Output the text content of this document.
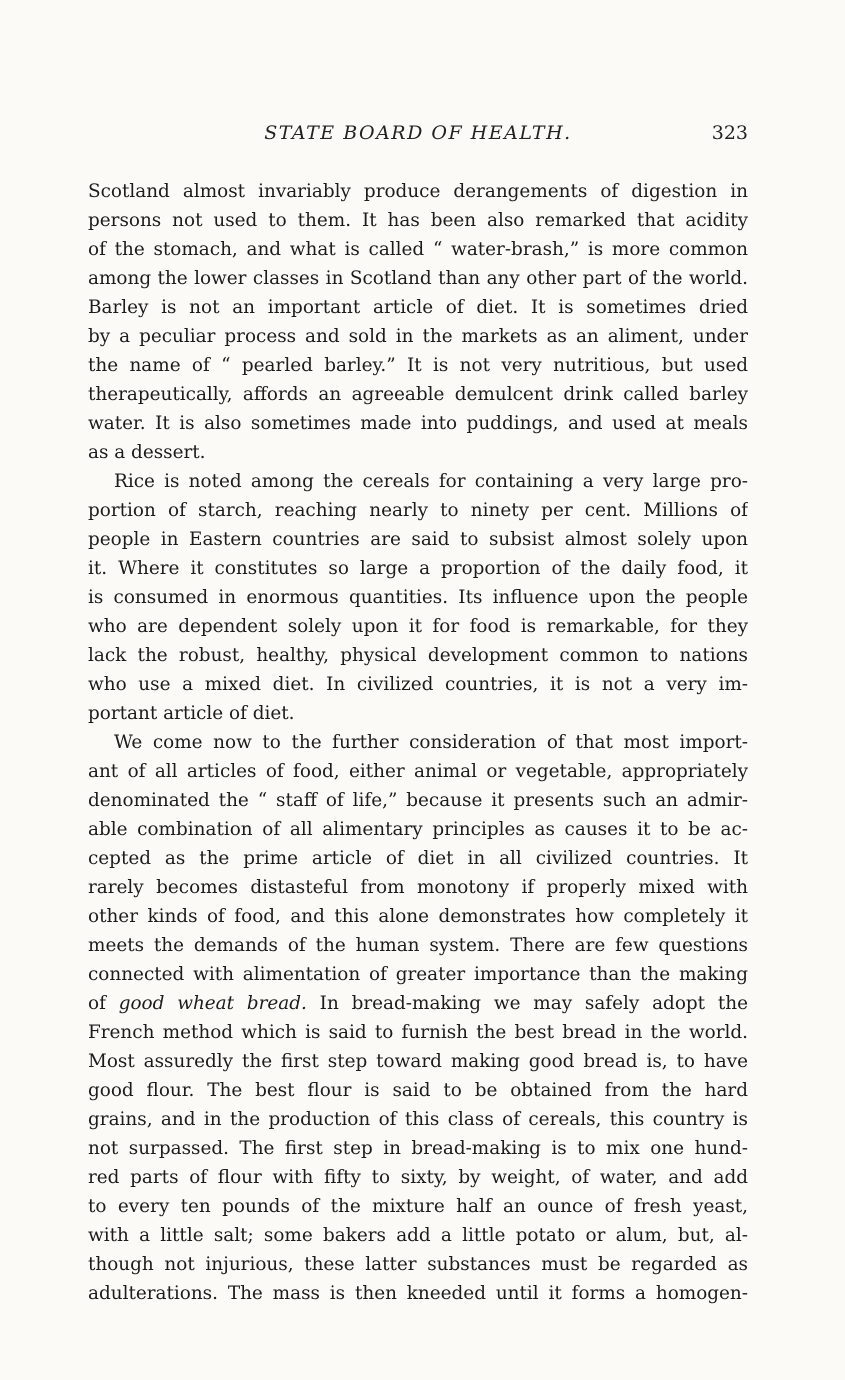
STATE BOARD OF HEALTH.	323
Scotland almost invariably produce derangements of digestion in
persons not used to them. It has been also remarked that acidity
of the stomach, and what is called “ water-brash,” is more common
among the lower classes in Scotland than any other part of the world.
Barley is not an important article of diet. It is sometimes dried
by a peculiar process and sold in the markets as an aliment, under
the name of “ pearled barley.” It is not very nutritious, but used
therapeutically, affords an agreeable demulcent drink called barley
water. It is also sometimes made into puddings, and used at meals
as a dessert.
Rice is noted among the cereals for containing a very large pro-
portion of starch, reaching nearly to ninety per cent. Millions of
people in Eastern countries are said to subsist almost solely upon
it. Where it constitutes so large a proportion of the daily food, it
is consumed in enormous quantities. Its influence upon the people
who are dependent solely upon it for food is remarkable, for they
lack the robust, healthy, physical development common to nations
who use a mixed diet. In civilized countries, it is not a very im-
portant article of diet.
We come now to the further consideration of that most import-
ant of all articles of food, either animal or vegetable, appropriately
denominated the “ staff of life,” because it presents such an admir-
able combination of all alimentary principles as causes it to be ac-
cepted as the prime article of diet in all civilized countries. It
rarely becomes distasteful from monotony if properly mixed with
other kinds of food, and this alone demonstrates how completely it
meets the demands of the human system. There are few questions
connected with alimentation of greater importance than the making
of good wheat bread. In bread-making we may safely adopt the
French method which is said to furnish the best bread in the world.
Most assuredly the first step toward making good bread is, to have
good flour. The best flour is said to be obtained from the hard
grains, and in the production of this class of cereals, this country is
not surpassed. The first step in bread-making is to mix one hund-
red parts of flour with fifty to sixty, by weight, of water, and add
to every ten pounds of the mixture half an ounce of fresh yeast,
with a little salt; some bakers add a little potato or alum, but, al-
though not injurious, these latter substances must be regarded as
adulterations. The mass is then kneeded until it forms a homogen-
